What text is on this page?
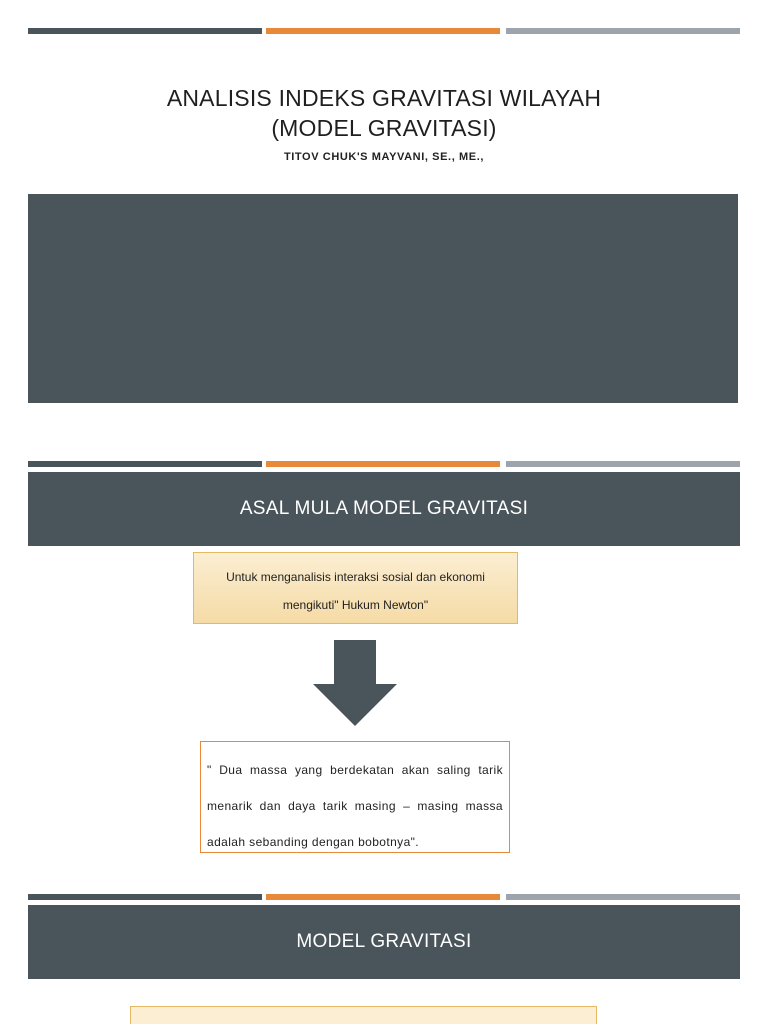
ANALISIS INDEKS GRAVITASI WILAYAH
(MODEL GRAVITASI)
TITOV CHUK'S MAYVANI, SE., ME.,
ASAL MULA MODEL GRAVITASI
Untuk menganalisis interaksi sosial dan ekonomi
mengikuti" Hukum Newton"
" Dua massa yang berdekatan akan saling tarik menarik dan daya tarik masing – masing massa adalah sebanding dengan bobotnya".
MODEL GRAVITASI
